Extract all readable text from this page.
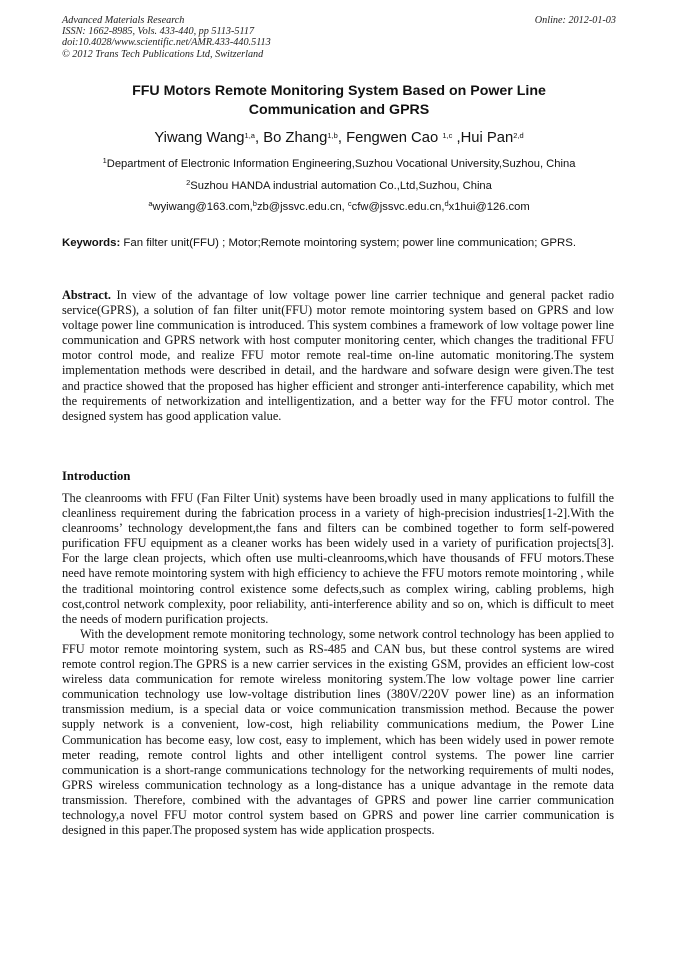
Advanced Materials Research
ISSN: 1662-8985, Vols. 433-440, pp 5113-5117
doi:10.4028/www.scientific.net/AMR.433-440.5113
© 2012 Trans Tech Publications Ltd, Switzerland
Online: 2012-01-03
FFU Motors Remote Monitoring System Based on Power Line
Communication and GPRS
Yiwang Wang$^{1,a}$, Bo Zhang$^{1,b}$, Fengwen Cao $^{1,c}$ ,Hui Pan$^{2,d}$
$^1$Department of Electronic Information Engineering,Suzhou Vocational University,Suzhou, China
$^2$Suzhou HANDA industrial automation Co.,Ltd,Suzhou, China
$^a$wyiwang@163.com,$^b$zb@jssvc.edu.cn, $^c$cfw@jssvc.edu.cn,$^d$x1hui@126.com
Keywords: Fan filter unit(FFU) ; Motor;Remote mointoring system; power line communication; GPRS.
Abstract. In view of the advantage of low voltage power line carrier technique and general packet radio service(GPRS), a solution of fan filter unit(FFU) motor remote mointoring system based on GPRS and low voltage power line communication is introduced. This system combines a framework of low voltage power line communication and GPRS network with host computer monitoring center, which changes the traditional FFU motor control mode, and realize FFU motor remote real-time on-line automatic monitoring.The system implementation methods were described in detail, and the hardware and sofware design were given.The test and practice showed that the proposed has higher efficient and stronger anti-interference capability, which met the requirements of networkization and intelligentization, and a better way for the FFU motor control. The designed system has good application value.
Introduction

The cleanrooms with FFU (Fan Filter Unit) systems have been broadly used in many applications to fulfill the cleanliness requirement during the fabrication process in a variety of high-precision industries[1-2].With the cleanrooms’ technology development,the fans and filters can be combined together to form self-powered purification FFU equipment as a cleaner works has been widely used in a variety of purification projects[3]. For the large clean projects, which often use multi-cleanrooms,which have thousands of FFU motors.These need have remote mointoring system with high efficiency to achieve the FFU motors remote mointoring , while the traditional mointoring control existence some defects,such as complex wiring, cabling problems, high cost,control network complexity, poor reliability, anti-interference ability and so on, which is difficult to meet the needs of modern purification projects.

With the development remote monitoring technology, some network control technology has been applied to FFU motor remote mointoring system, such as RS-485 and CAN bus, but these control systems are wired remote control region.The GPRS is a new carrier services in the existing GSM, provides an efficient low-cost wireless data communication for remote wireless monitoring system.The low voltage power line carrier communication technology use low-voltage distribution lines (380V/220V power line) as an information transmission medium, is a special data or voice communication transmission method. Because the power supply network is a convenient, low-cost, high reliability communications medium, the Power Line Communication has become easy, low cost, easy to implement, which has been widely used in power remote meter reading, remote control lights and other intelligent control systems. The power line carrier communication is a short-range communications technology for the networking requirements of multi nodes, GPRS wireless communication technology as a long-distance has a unique advantage in the remote data transmission. Therefore, combined with the advantages of GPRS and power line carrier communication technology,a novel FFU motor control system based on GPRS and power line carrier communication is designed in this paper.The proposed system has wide application prospects.
